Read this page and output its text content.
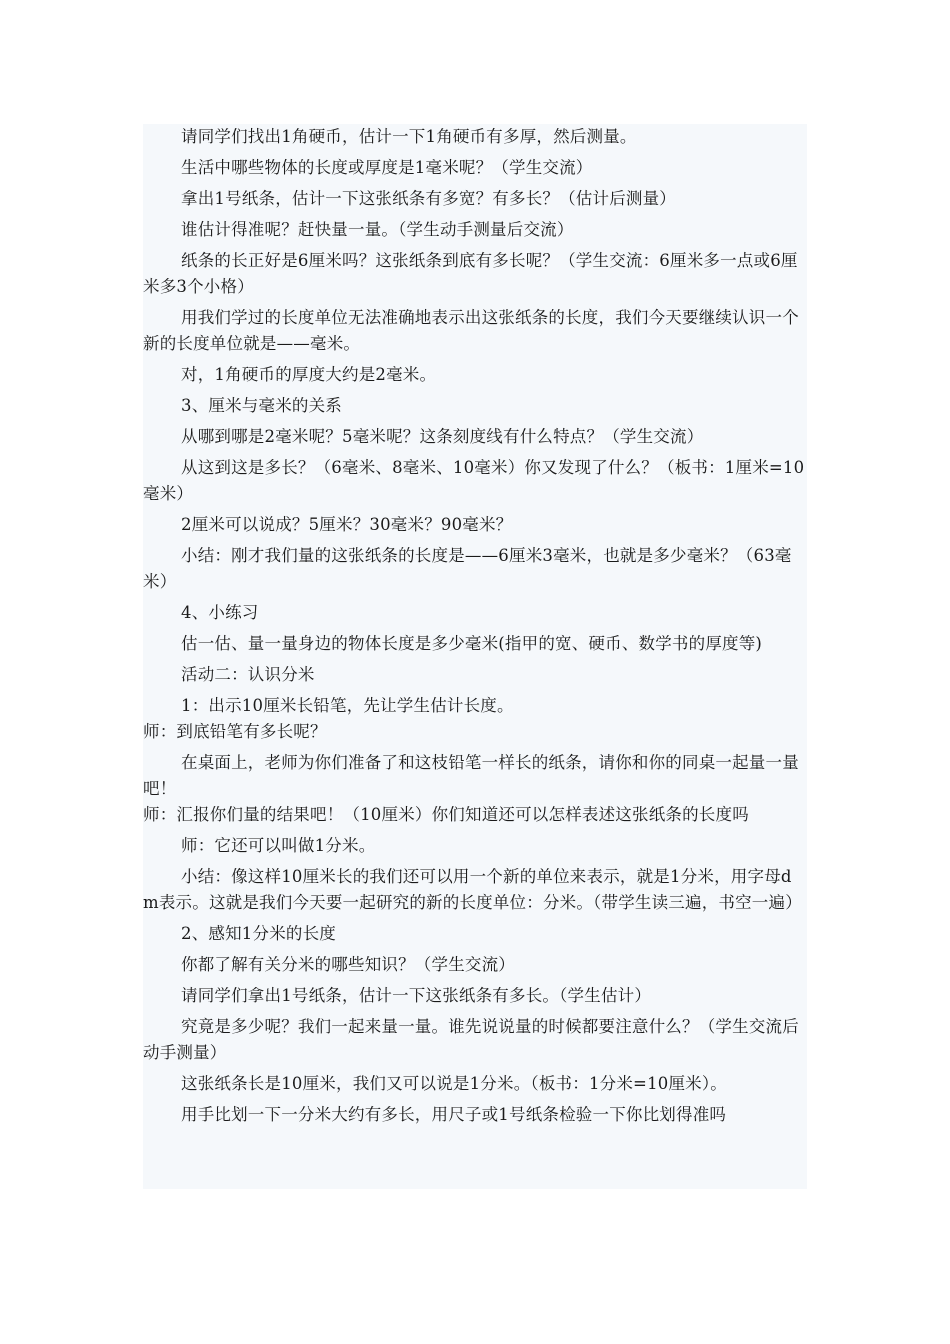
请同学们找出1角硬币，估计一下1角硬币有多厚，然后测量。

生活中哪些物体的长度或厚度是1毫米呢？（学生交流）

拿出1号纸条，估计一下这张纸条有多宽？有多长？（估计后测量）

谁估计得准呢？赶快量一量。（学生动手测量后交流）

纸条的长正好是6厘米吗？这张纸条到底有多长呢？（学生交流：6厘米多一点或6厘米多3个小格）

用我们学过的长度单位无法准确地表示出这张纸条的长度，我们今天要继续认识一个新的长度单位就是——毫米。

对，1角硬币的厚度大约是2毫米。

3、厘米与毫米的关系

从哪到哪是2毫米呢？5毫米呢？这条刻度线有什么特点？（学生交流）

从这到这是多长？（6毫米、8毫米、10毫米）你又发现了什么？（板书：1厘米=10毫米）

2厘米可以说成？5厘米？30毫米？90毫米？

小结：刚才我们量的这张纸条的长度是——6厘米3毫米，也就是多少毫米？（63毫米）

4、小练习

估一估、量一量身边的物体长度是多少毫米(指甲的宽、硬币、数学书的厚度等)

活动二：认识分米

1：出示10厘米长铅笔，先让学生估计长度。

师：到底铅笔有多长呢？

在桌面上，老师为你们准备了和这枝铅笔一样长的纸条，请你和你的同桌一起量一量吧！

师：汇报你们量的结果吧！（10厘米）你们知道还可以怎样表述这张纸条的长度吗

师：它还可以叫做1分米。

小结：像这样10厘米长的我们还可以用一个新的单位来表示，就是1分米，用字母dm表示。这就是我们今天要一起研究的新的长度单位：分米。（带学生读三遍，书空一遍）

2、感知1分米的长度

你都了解有关分米的哪些知识？（学生交流）

请同学们拿出1号纸条，估计一下这张纸条有多长。（学生估计）

究竟是多少呢？我们一起来量一量。谁先说说量的时候都要注意什么？（学生交流后动手测量）

这张纸条长是10厘米，我们又可以说是1分米。（板书：1分米=10厘米）。

用手比划一下一分米大约有多长，用尺子或1号纸条检验一下你比划得准吗
